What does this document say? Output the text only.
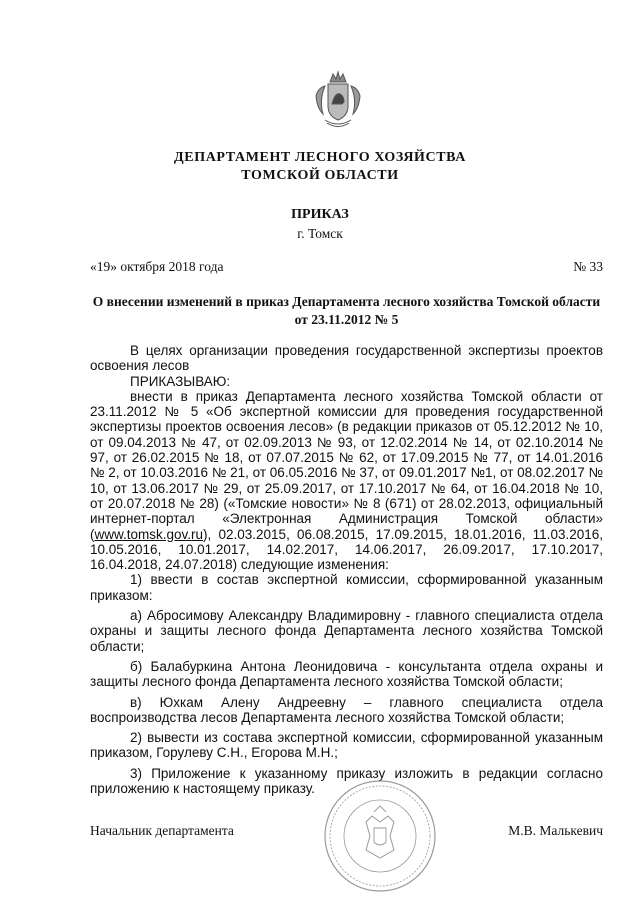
ДЕПАРТАМЕНТ ЛЕСНОГО ХОЗЯЙСТВА
ТОМСКОЙ ОБЛАСТИ
ПРИКАЗ
г. Томск
«19» октября 2018 года	№ 33
О внесении изменений в приказ Департамента лесного хозяйства Томской области от 23.11.2012 № 5

В целях организации проведения государственной экспертизы проектов освоения лесов

ПРИКАЗЫВАЮ:

внести в приказ Департамента лесного хозяйства Томской области от 23.11.2012 № 5 «Об экспертной комиссии для проведения государственной экспертизы проектов освоения лесов» (в редакции приказов от 05.12.2012 № 10, от 09.04.2013 № 47, от 02.09.2013 № 93, от 12.02.2014 № 14, от 02.10.2014 № 97, от 26.02.2015 № 18, от 07.07.2015 № 62, от 17.09.2015 № 77, от 14.01.2016 № 2, от 10.03.2016 № 21, от 06.05.2016 № 37, от 09.01.2017 №1, от 08.02.2017 № 10, от 13.06.2017 № 29, от 25.09.2017, от 17.10.2017 № 64, от 16.04.2018 № 10, от 20.07.2018 № 28) («Томские новости» № 8 (671) от 28.02.2013, официальный интернет-портал «Электронная Администрация Томской области» (www.tomsk.gov.ru), 02.03.2015, 06.08.2015, 17.09.2015, 18.01.2016, 11.03.2016, 10.05.2016, 10.01.2017, 14.02.2017, 14.06.2017, 26.09.2017, 17.10.2017, 16.04.2018, 24.07.2018) следующие изменения:

1) ввести в состав экспертной комиссии, сформированной указанным приказом:

а) Абросимову Александру Владимировну - главного специалиста отдела охраны и защиты лесного фонда Департамента лесного хозяйства Томской области;

б) Балабуркина Антона Леонидовича - консультанта отдела охраны и защиты лесного фонда Департамента лесного хозяйства Томской области;

в) Юхкам Алену Андреевну – главного специалиста отдела воспроизводства лесов Департамента лесного хозяйства Томской области;

2) вывести из состава экспертной комиссии, сформированной указанным приказом, Горулеву С.Н., Егорова М.Н.;

3) Приложение к указанному приказу изложить в редакции согласно приложению к настоящему приказу.

Начальник департамента	М.В. Малькевич
